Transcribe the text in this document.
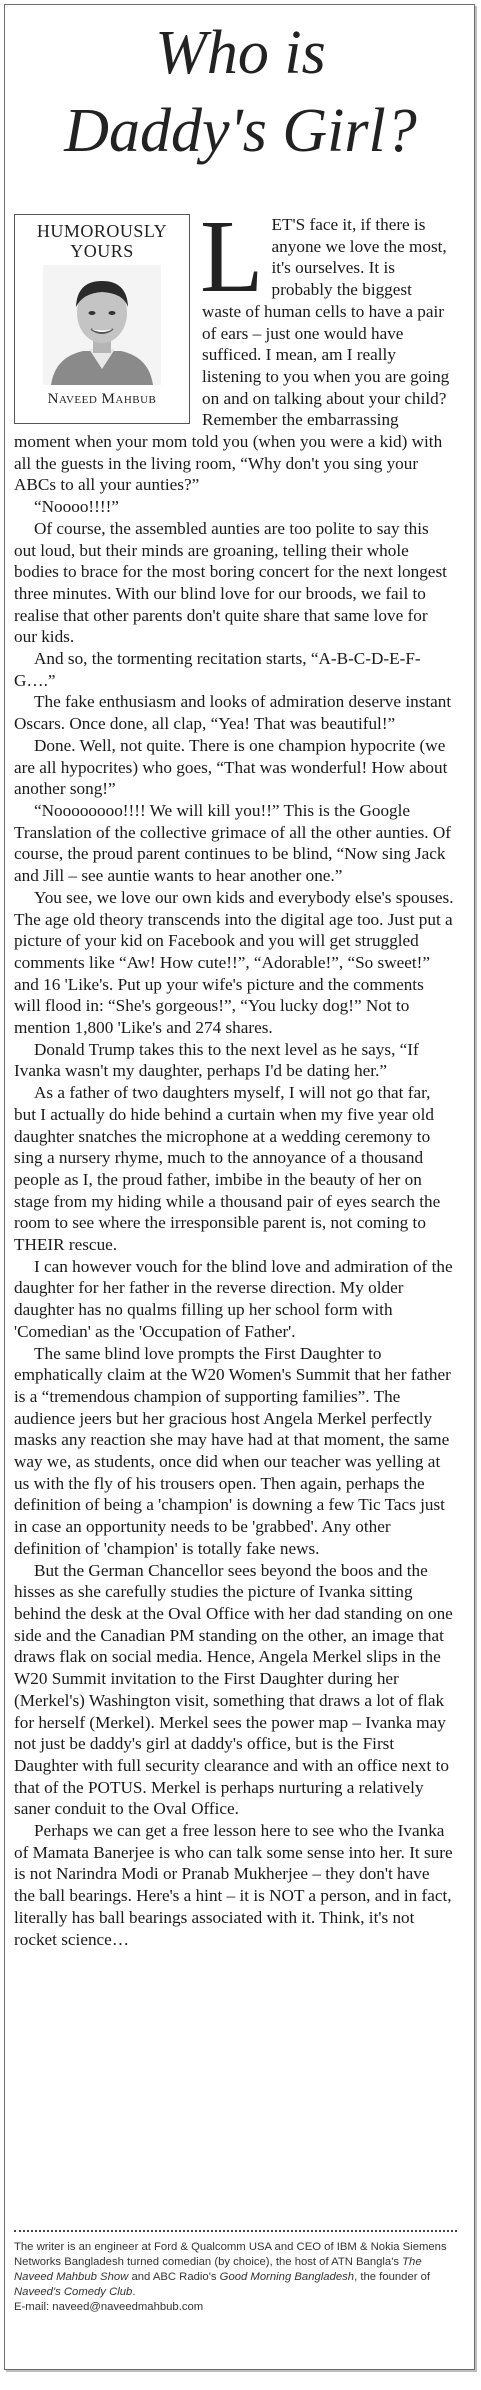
Who is
Daddy's Girl?
HUMOROUSLY
YOURS
Naveed Mahbub
L ET'S face it, if there is anyone we love the most, it's ourselves. It is probably the biggest waste of human cells to have a pair of ears – just one would have sufficed. I mean, am I really listening to you when you are going on and on talking about your child? Remember the embarrassing moment when your mom told you (when you were a kid) with all the guests in the living room, “Why don't you sing your ABCs to all your aunties?”

“Noooo!!!!”

Of course, the assembled aunties are too polite to say this out loud, but their minds are groaning, telling their whole bodies to brace for the most boring concert for the next longest three minutes. With our blind love for our broods, we fail to realise that other parents don't quite share that same love for our kids.

And so, the tormenting recitation starts, “A-B-C-D-E-F-G….”

The fake enthusiasm and looks of admiration deserve instant Oscars. Once done, all clap, “Yea! That was beautiful!”

Done. Well, not quite. There is one champion hypocrite (we are all hypocrites) who goes, “That was wonderful! How about another song!”

“Noooooooo!!!! We will kill you!!” This is the Google Translation of the collective grimace of all the other aunties. Of course, the proud parent continues to be blind, “Now sing Jack and Jill – see auntie wants to hear another one.”

You see, we love our own kids and everybody else's spouses. The age old theory transcends into the digital age too. Just put a picture of your kid on Facebook and you will get struggled comments like “Aw! How cute!!”, “Adorable!”, “So sweet!” and 16 'Like's. Put up your wife's picture and the comments will flood in: “She's gorgeous!”, “You lucky dog!” Not to mention 1,800 'Like's and 274 shares.

Donald Trump takes this to the next level as he says, “If Ivanka wasn't my daughter, perhaps I'd be dating her.”

As a father of two daughters myself, I will not go that far, but I actually do hide behind a curtain when my five year old daughter snatches the microphone at a wedding ceremony to sing a nursery rhyme, much to the annoyance of a thousand people as I, the proud father, imbibe in the beauty of her on stage from my hiding while a thousand pair of eyes search the room to see where the irresponsible parent is, not coming to THEIR rescue.

I can however vouch for the blind love and admiration of the daughter for her father in the reverse direction. My older daughter has no qualms filling up her school form with 'Comedian' as the 'Occupation of Father'.

The same blind love prompts the First Daughter to emphatically claim at the W20 Women's Summit that her father is a “tremendous champion of supporting families”. The audience jeers but her gracious host Angela Merkel perfectly masks any reaction she may have had at that moment, the same way we, as students, once did when our teacher was yelling at us with the fly of his trousers open. Then again, perhaps the definition of being a 'champion' is downing a few Tic Tacs just in case an opportunity needs to be 'grabbed'. Any other definition of 'champion' is totally fake news.

But the German Chancellor sees beyond the boos and the hisses as she carefully studies the picture of Ivanka sitting behind the desk at the Oval Office with her dad standing on one side and the Canadian PM standing on the other, an image that draws flak on social media. Hence, Angela Merkel slips in the W20 Summit invitation to the First Daughter during her (Merkel's) Washington visit, something that draws a lot of flak for herself (Merkel). Merkel sees the power map – Ivanka may not just be daddy's girl at daddy's office, but is the First Daughter with full security clearance and with an office next to that of the POTUS. Merkel is perhaps nurturing a relatively saner conduit to the Oval Office.

Perhaps we can get a free lesson here to see who the Ivanka of Mamata Banerjee is who can talk some sense into her. It sure is not Narindra Modi or Pranab Mukherjee – they don't have the ball bearings. Here's a hint – it is NOT a person, and in fact, literally has ball bearings associated with it. Think, it's not rocket science…

The writer is an engineer at Ford & Qualcomm USA and CEO of IBM & Nokia Siemens Networks Bangladesh turned comedian (by choice), the host of ATN Bangla's The Naveed Mahbub Show and ABC Radio's Good Morning Bangladesh, the founder of Naveed's Comedy Club.
E-mail: naveed@naveedmahbub.com
